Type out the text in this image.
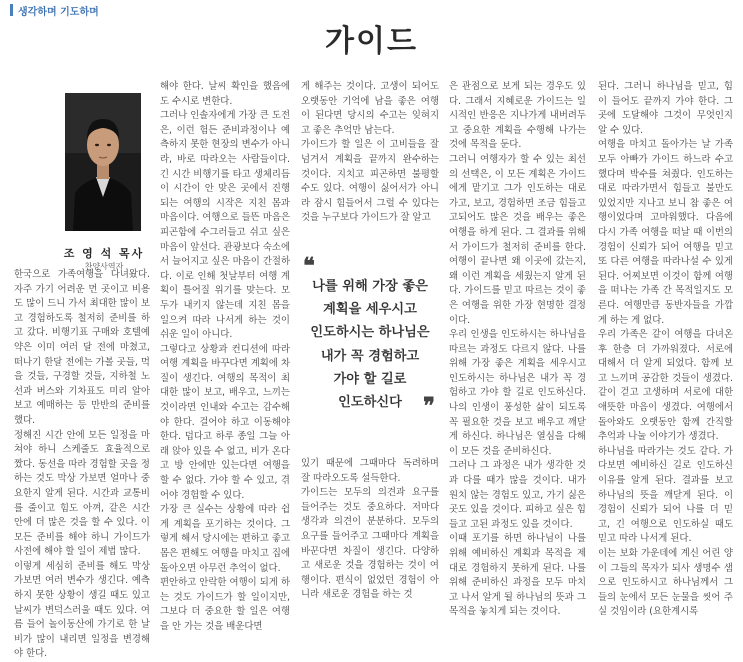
생각하며 기도하며
가이드
조 영 석 목사
찬양사역자

한국으로 가족여행을 다녀왔다. 자주 가기 어려운 먼 곳이고 비용도 많이 드니 가서 최대한 많이 보고 경험하도록 철저히 준비를 하고 갔다. 비행기표 구매와 호텔예약은 이미 여러 달 전에 마쳤고, 떠나기 한달 전에는 가볼 곳들, 먹을 것들, 구경할 것들, 지하철 노선과 버스와 기차표도 미리 알아보고 예매하는 등 만반의 준비를 했다.
정해진 시간 안에 모든 일정을 마쳐야 하니 스케줄도 효율적으로 짰다. 동선을 따라 경험할 곳을 정하는 것도 막상 가보면 얼마나 중요한지 알게 된다. 시간과 교통비를 줄이고 힘도 아껴, 같은 시간 안에 더 많은 것을 할 수 있다. 이 모든 준비를 해야 하니 가이드가 사전에 해야 할 일이 제법 많다.
이렇게 세심히 준비를 해도 막상 가보면 여러 변수가 생긴다. 예측하지 못한 상황이 생길 때도 있고 날씨가 변덕스러울 때도 있다. 여름 들어 놀이동산에 가기로 한 날 비가 많이 내리면 일정을 변경해야 한다.

해야 한다. 날씨 확인을 했음에도 수시로 변한다.
그러나 인솔자에게 가장 큰 도전은, 이런 험든 준비과정이나 예측하지 못한 현장의 변수가 아니라, 바로 따라오는 사람들이다. 긴 시간 비행기를 타고 생체리듬이 시간이 안 맞은 곳에서 진행되는 여행의 시작은 지친 몸과 마음이다. 여행으로 들뜬 마음은 피곤함에 수그러들고 쉬고 싶은 마음이 앞선다. 관광보다 숙소에서 늘어지고 싶은 마음이 간절하다. 이로 인해 첫날부터 여행 계획이 틀어질 위기를 맞는다. 모두가 내키지 않는데 지친 몸을 일으켜 따라 나서게 하는 것이 쉬운 일이 아니다.
그렇다고 상황과 컨디션에 따라 여행 계획을 바꾸다면 계획에 차질이 생긴다. 여행의 목적이 최대한 많이 보고, 배우고, 느끼는 것이라면 인내와 수고는 감수해야 한다. 걸어야 하고 이동해야 한다. 덥다고 하루 종일 그늘 아래 앉아 있을 수 없고, 비가 온다고 방 안에만 있는다면 여행을 할 수 없다. 가야 할 수 있고, 겪어야 경험할 수 있다.
가장 큰 실수는 상황에 따라 쉽게 계획을 포기하는 것이다. 그렇게 해서 당시에는 편하고 좋고 몸은 편해도 여행을 마치고 집에 돌아오면 아무런 추억이 없다.
편안하고 안락한 여행이 되게 하는 것도 가이드가 할 일이지만, 그보다 더 중요한 할 일은 여행을 안 가는 것을 배운다면

게 해주는 것이다. 고생이 되어도 오랫동안 기억에 남을 좋은 여행이 된다면 당시의 수고는 잊혀지고 좋은 추억만 남는다.
가이드가 할 일은 이 고비들을 잘 넘겨서 계획을 끝까지 완수하는 것이다. 지치고 피곤하면 불평할 수도 있다. 여행이 싫어서가 아니라 잠시 힘들어서 그럴 수 있다는 것을 누구보다 가이드가 잘 알고

❝
나를 위해 가장 좋은
계획을 세우시고
인도하시는 하나님은
내가 꼭 경험하고
가야 할 길로
인도하신다 ❞

있기 때문에 그때마다 독려하며 잘 따라오도록 설득한다.
가이드는 모두의 의견과 요구를 들어주는 것도 중요하다. 저마다 생각과 의견이 분분하다. 모두의 요구를 들어주고 그때마다 계획을 바꾼다면 차질이 생긴다. 다양하고 새로운 것을 경험하는 것이 여행이다. 편식이 없었던 경험이 아니라 새로운 경험을 하는 것

은 관점으로 보게 되는 경우도 있다. 그래서 지혜로운 가이드는 일시적인 반응은 지나가게 내버려두고 중요한 계획을 수행해 나가는 것에 목적을 둔다.
그러니 여행자가 할 수 있는 최선의 선택은, 이 모든 계획은 가이드에게 맡기고 그가 인도하는 대로 가고, 보고, 경험하면 조금 힘들고 고되어도 많은 것을 배우는 좋은 여행을 하게 된다. 그 결과를 위해서 가이드가 철저히 준비를 한다. 여행이 끝나면 왜 이곳에 갔는지, 왜 이런 계획을 세웠는지 알게 된다. 가이드를 믿고 따르는 것이 좋은 여행을 위한 가장 현명한 결정이다.
우리 인생을 인도하시는 하나님을 따르는 과정도 다르지 않다. 나를 위해 가장 좋은 계획을 세우시고 인도하시는 하나님은 내가 꼭 경험하고 가야 할 길로 인도하신다. 나의 인생이 풍성한 삶이 되도록 꼭 필요한 것을 보고 배우고 깨닫게 하신다. 하나님은 열심을 다해 이 모든 것을 준비하신다.
그러나 그 과정은 내가 생각한 것과 다를 때가 많을 것이다. 내가 원치 않는 경험도 있고, 가기 싫은 곳도 있을 것이다. 피하고 싶은 힘들고 고된 과정도 있을 것이다.
이때 포기를 하면 하나님이 나를 위해 예비하신 계획과 목적을 제대로 경험하지 못하게 된다. 나를 위해 준비하신 과정을 모두 마치고 나서 알게 될 하나님의 뜻과 그 목적을 놓치게 되는 것이다.

된다. 그러니 하나님을 믿고, 힘이 들어도 끝까지 가야 한다. 그곳에 도달해야 그것이 무엇인지 알 수 있다.
여행을 마치고 돌아가는 날 가족 모두 아빠가 가이드 하느라 수고했다며 박수를 쳐줬다. 인도하는 대로 따라가면서 힘들고 불만도 있었지만 지나고 보니 참 좋은 여행이었다며 고마워했다. 다음에 다시 가족 여행을 떠날 때 이번의 경험이 신뢰가 되어 여행을 믿고 또 다른 여행을 따라나설 수 있게 된다. 어찌보면 이것이 함께 여행을 떠나는 가족 간 목적일지도 모른다. 여행만큼 동반자들을 가깝게 하는 게 없다.
우리 가족은 같이 여행을 다녀온 후 한층 더 가까워졌다. 서로에 대해서 더 알게 되었다. 함께 보고 느끼며 공감한 것들이 생겼다. 같이 걷고 고생하며 서로에 대한 애뜻한 마음이 생겼다. 여행에서 돌아와도 오랫동안 함께 간직할 추억과 나눌 이야기가 생겼다.
하나님을 따라가는 것도 같다. 가다보면 예비하신 길로 인도하신 이유를 알게 된다. 결과를 보고 하나님의 뜻을 깨닫게 된다. 이 경험이 신뢰가 되어 나를 더 믿고, 긴 여행으로 인도하실 때도 믿고 따라 나서게 된다.
이는 보화 가운데에 계신 어린 양이 그들의 목자가 되사 생명수 샘으로 인도하시고 하나님께서 그들의 눈에서 모든 눈물을 씻어 주실 것임이라 (요한계시록
